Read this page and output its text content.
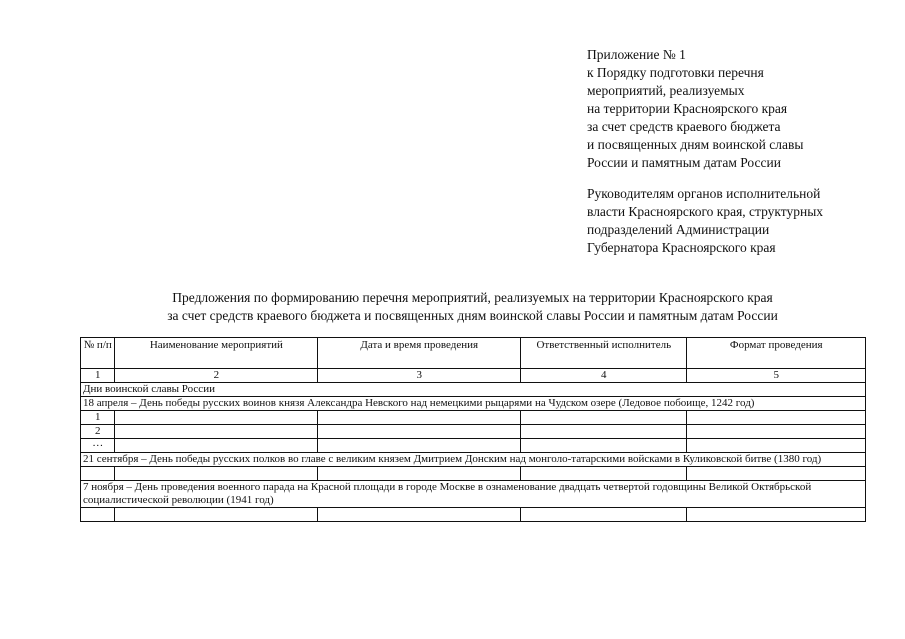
Приложение № 1
к Порядку подготовки перечня
мероприятий, реализуемых
на территории Красноярского края
за счет средств краевого бюджета
и посвященных дням воинской славы
России и памятным датам России
Руководителям органов исполнительной
власти Красноярского края, структурных
подразделений Администрации
Губернатора Красноярского края
Предложения по формированию перечня мероприятий, реализуемых на территории Красноярского края
за счет средств краевого бюджета и посвященных дням воинской славы России и памятным датам России
№ п/п	Наименование мероприятий	Дата и время проведения	Ответственный исполнитель	Формат проведения
1	2	3	4	5
Дни воинской славы России				
18 апреля – День победы русских воинов князя Александра Невского над немецкими рыцарями на Чудском озере (Ледовое побоище, 1242 год)				
1				
2				
…				
21 сентября – День победы русских полков во главе с великим князем Дмитрием Донским над монголо-татарскими войсками в Куликовской битве (1380 год)				

7 ноября – День проведения военного парада на Красной площади в городе Москве в ознаменование двадцать четвертой годовщины Великой Октябрьской социалистической революции (1941 год)				
